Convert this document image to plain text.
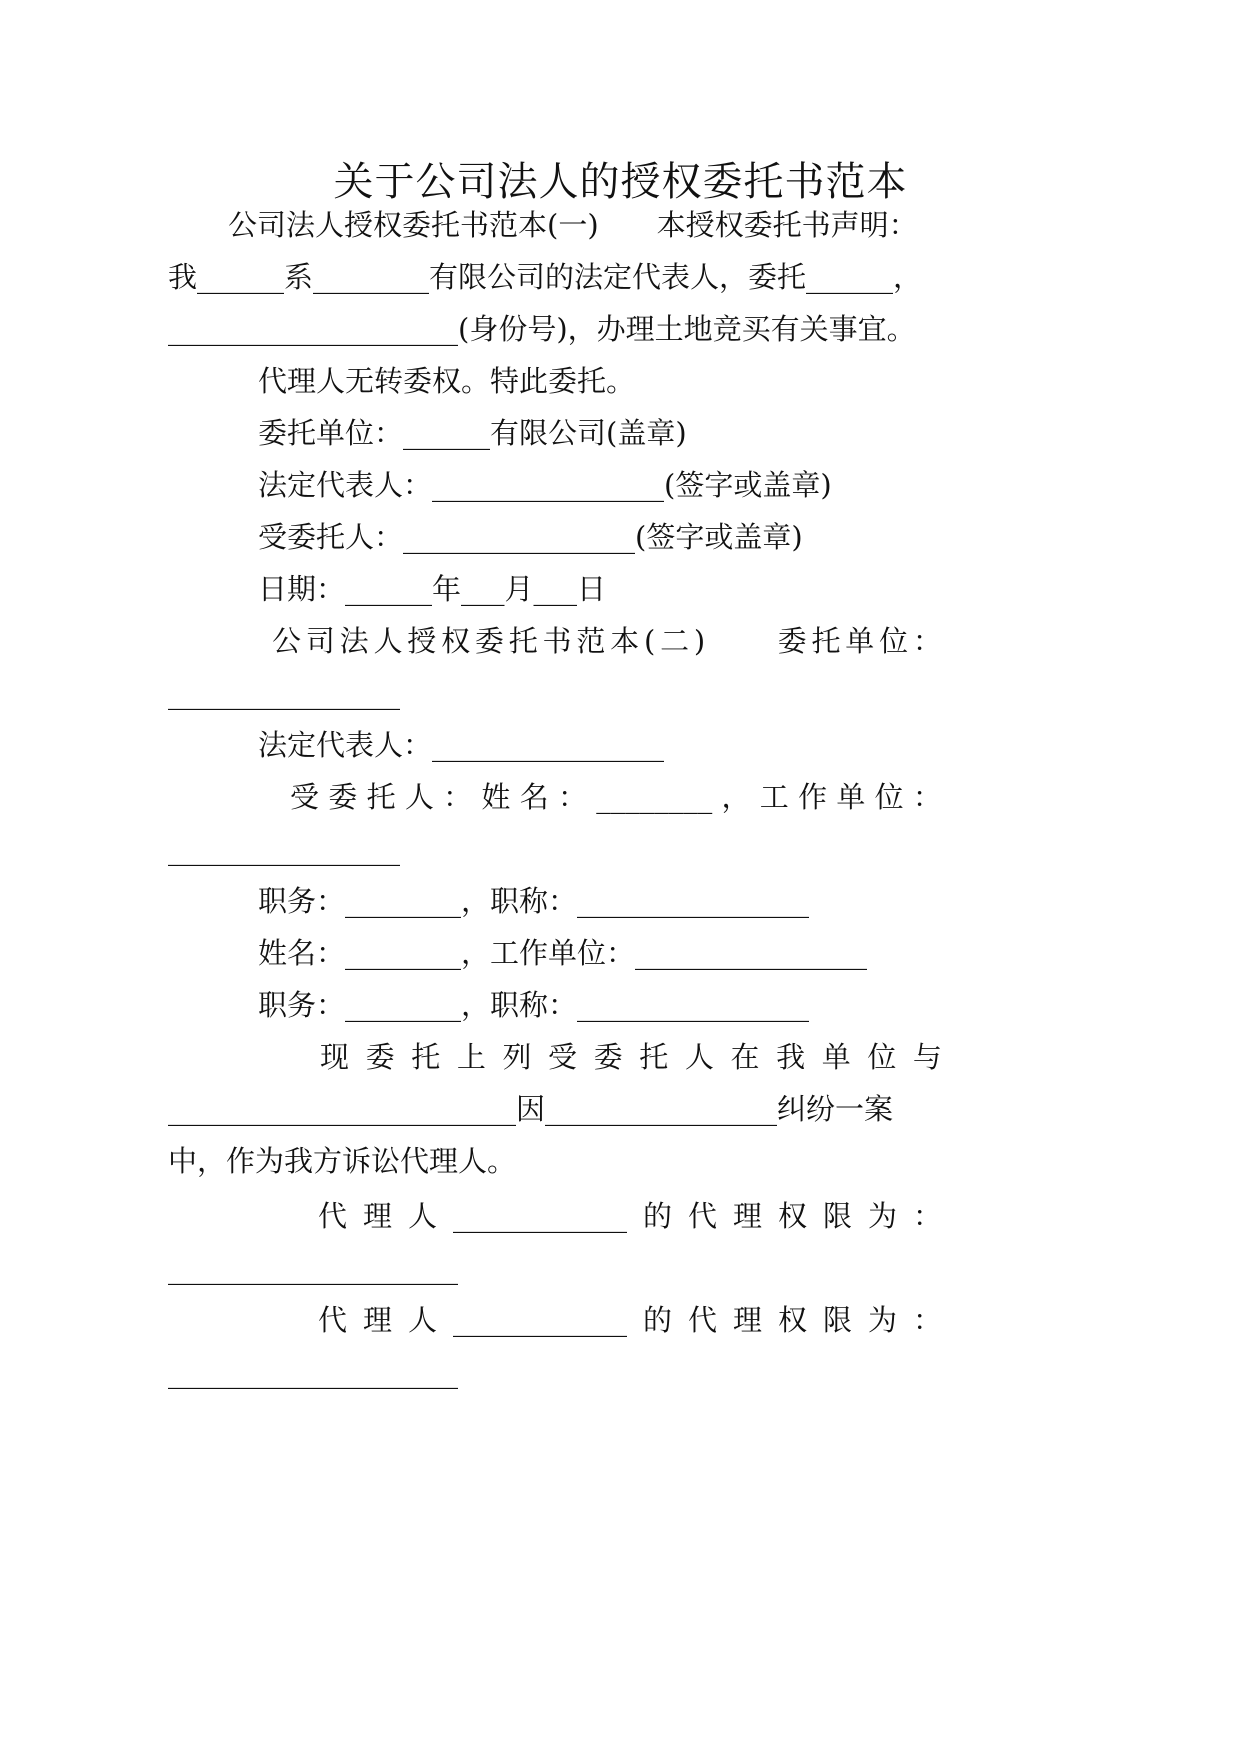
关于公司法人的授权委托书范本
公司法人授权委托书范本(一)　　本授权委托书声明：
我______系________有限公司的法定代表人，委托______，
____________________(身份号)，办理土地竞买有关事宜。
代理人无转委权。特此委托。
委托单位：______有限公司(盖章)
法定代表人：________________(签字或盖章)
受委托人：________________(签字或盖章)
日期：______年___月___日
公 司 法 人 授 权 委 托 书 范 本 ( 二 )

　 委 托 单 位 ：
________________
法定代表人：________________
受 委 托 人 ： 姓 名 ： ________ ， 工 作 单 位 ：
________________
职务：________，职称：________________
姓名：________，工作单位：________________
职务：________，职称：________________
现 委 托 上 列 受 委 托 人 在 我 单 位 与
________________________因________________纠纷一案
中，作为我方诉讼代理人。
代 理 人 ____________ 的 代 理 权 限 为 ：
____________________
代 理 人 ____________ 的 代 理 权 限 为 ：
____________________
